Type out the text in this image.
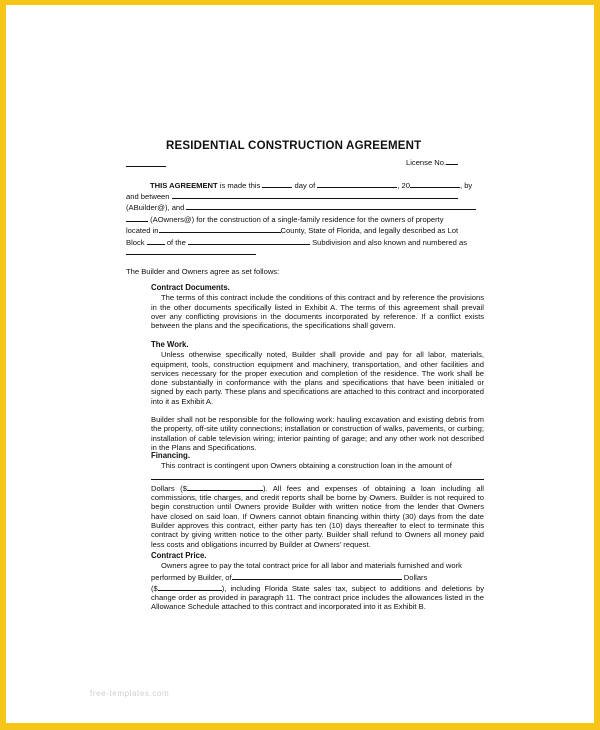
RESIDENTIAL CONSTRUCTION AGREEMENT
License No.
THIS AGREEMENT is made this	day of	, 20	, by
and between
(ABuilder@), and
(AOwners@) for the construction of a single-family residence for the owners of property
located in	County, State of Florida, and legally described as Lot
Block	of the	Subdivision and also known and numbered as
The Builder and Owners agree as set follows:
Contract Documents.

The terms of this contract include the conditions of this contract and by reference the provisions in the other documents specifically listed in Exhibit A. The terms of this agreement shall prevail over any conflicting provisions in the documents incorporated by reference. If a conflict exists between the plans and the specifications, the specifications shall govern.

The Work.

Unless otherwise specifically noted, Builder shall provide and pay for all labor, materials, equipment, tools, construction equipment and machinery, transportation, and other facilities and services necessary for the proper execution and completion of the residence. The work shall be done substantially in conformance with the plans and specifications that have been initialed or signed by each party. These plans and specifications are attached to this contract and incorporated into it as Exhibit A.

Builder shall not be responsible for the following work: hauling excavation and existing debris from the property, off-site utility connections; installation or construction of walks, pavements, or curbing; installation of cable television wiring; interior painting of garage; and any other work not described in the Plans and Specifications.

Financing.

This contract is contingent upon Owners obtaining a construction loan in the amount of

Dollars ($	). All fees and expenses of obtaining a loan including all commissions, title charges, and credit reports shall be borne by Owners. Builder is not required to begin construction until Owners provide Builder with written notice from the lender that Owners have closed on said loan. If Owners cannot obtain financing within thirty (30) days from the date Builder approves this contract, either party has ten (10) days thereafter to elect to terminate this contract by giving written notice to the other party. Builder shall refund to Owners all money paid less costs and obligations incurred by Builder at Owners' request.

Contract Price.

Owners agree to pay the total contract price for all labor and materials furnished and work

performed by Builder, of	Dollars

($	), including Florida State sales tax, subject to additions and deletions by change order as provided in paragraph 11. The contract price includes the allowances listed in the Allowance Schedule attached to this contract and incorporated into it as Exhibit B.

free-templates.com
